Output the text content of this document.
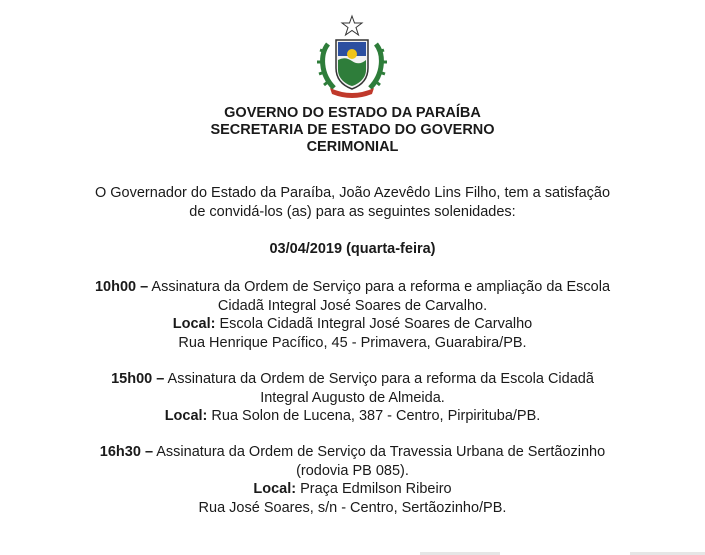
GOVERNO DO ESTADO DA PARAÍBA
SECRETARIA DE ESTADO DO GOVERNO
CERIMONIAL
O Governador do Estado da Paraíba, João Azevêdo Lins Filho, tem a satisfação
de convidá-los (as) para as seguintes solenidades:
03/04/2019 (quarta-feira)
10h00 – Assinatura da Ordem de Serviço para a reforma e ampliação da Escola
Cidadã Integral José Soares de Carvalho.
Local: Escola Cidadã Integral José Soares de Carvalho
Rua Henrique Pacífico, 45 - Primavera, Guarabira/PB.
15h00 – Assinatura da Ordem de Serviço para a reforma da Escola Cidadã
Integral Augusto de Almeida.
Local: Rua Solon de Lucena, 387 - Centro, Pirpirituba/PB.
16h30 – Assinatura da Ordem de Serviço da Travessia Urbana de Sertãozinho
(rodovia PB 085).
Local: Praça Edmilson Ribeiro
Rua José Soares, s/n - Centro, Sertãozinho/PB.
